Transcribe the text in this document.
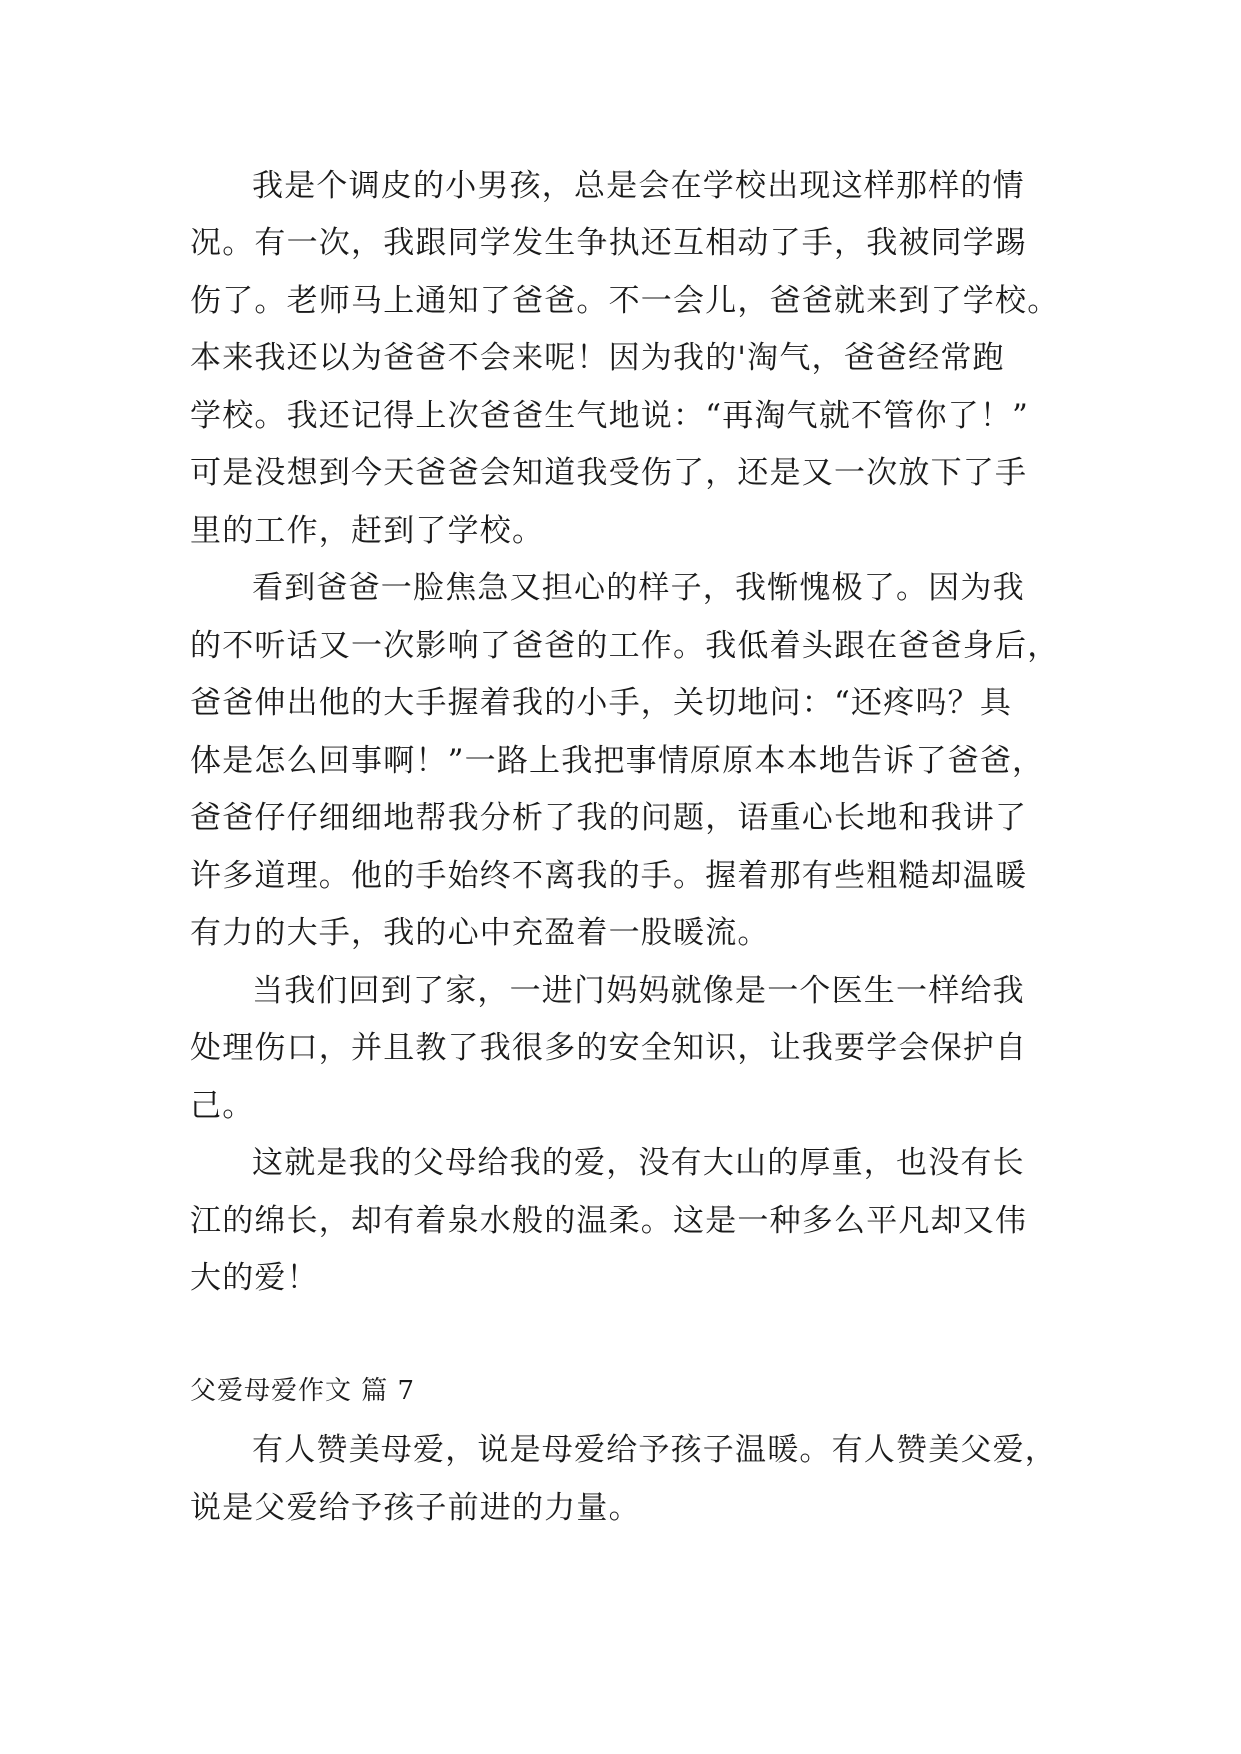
我是个调皮的小男孩，总是会在学校出现这样那样的情
况。有一次，我跟同学发生争执还互相动了手，我被同学踢
伤了。老师马上通知了爸爸。不一会儿，爸爸就来到了学校。
本来我还以为爸爸不会来呢！因为我的'淘气，爸爸经常跑
学校。我还记得上次爸爸生气地说：“再淘气就不管你了！”
可是没想到今天爸爸会知道我受伤了，还是又一次放下了手
里的工作，赶到了学校。
看到爸爸一脸焦急又担心的样子，我惭愧极了。因为我
的不听话又一次影响了爸爸的工作。我低着头跟在爸爸身后，
爸爸伸出他的大手握着我的小手，关切地问：“还疼吗？具
体是怎么回事啊！”一路上我把事情原原本本地告诉了爸爸，
爸爸仔仔细细地帮我分析了我的问题，语重心长地和我讲了
许多道理。他的手始终不离我的手。握着那有些粗糙却温暖
有力的大手，我的心中充盈着一股暖流。
当我们回到了家，一进门妈妈就像是一个医生一样给我
处理伤口，并且教了我很多的安全知识，让我要学会保护自
己。
这就是我的父母给我的爱，没有大山的厚重，也没有长
江的绵长，却有着泉水般的温柔。这是一种多么平凡却又伟
大的爱！
父爱母爱作文 篇 7
有人赞美母爱，说是母爱给予孩子温暖。有人赞美父爱，
说是父爱给予孩子前进的力量。
